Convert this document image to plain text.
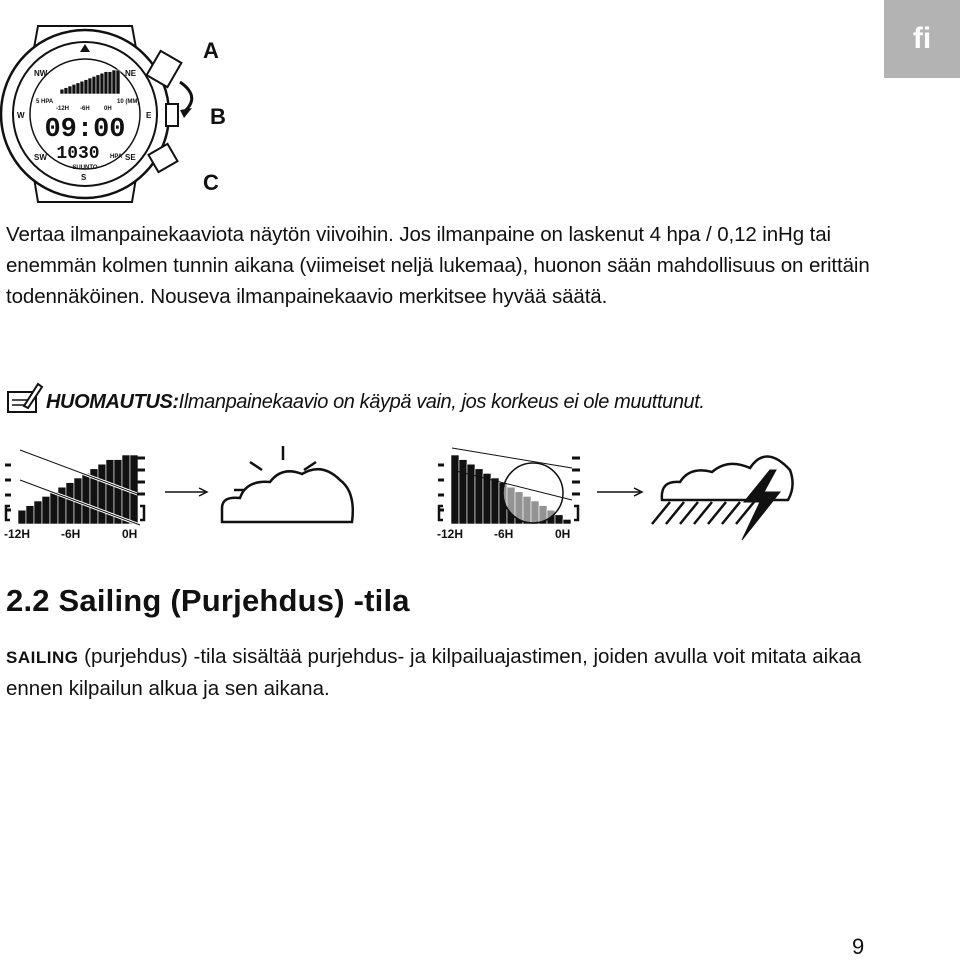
fi
NW	NE
W	E
SW	SE
S
5 HPA	10 (MM)
-12H -6H 0H
09:00
1030 HPA
SUUNTO
A
B
C

Vertaa ilmanpainekaaviota näytön viivoihin. Jos ilmanpaine on laskenut 4 hpa / 0,12 inHg tai enemmän kolmen tunnin aikana (viimeiset neljä lukemaa), huonon sään mahdollisuus on erittäin todennäköinen. Nouseva ilmanpainekaavio merkitsee hyvää säätä.

HUOMAUTUS:Ilmanpainekaavio on käypä vain, jos korkeus ei ole muuttunut.
-12H	-6H	0H	-12H	-6H	0H
2.2 Sailing (Purjehdus) -tila

SAILING (purjehdus) -tila sisältää purjehdus- ja kilpailuajastimen, joiden avulla voit mitata aikaa ennen kilpailun alkua ja sen aikana.

9
